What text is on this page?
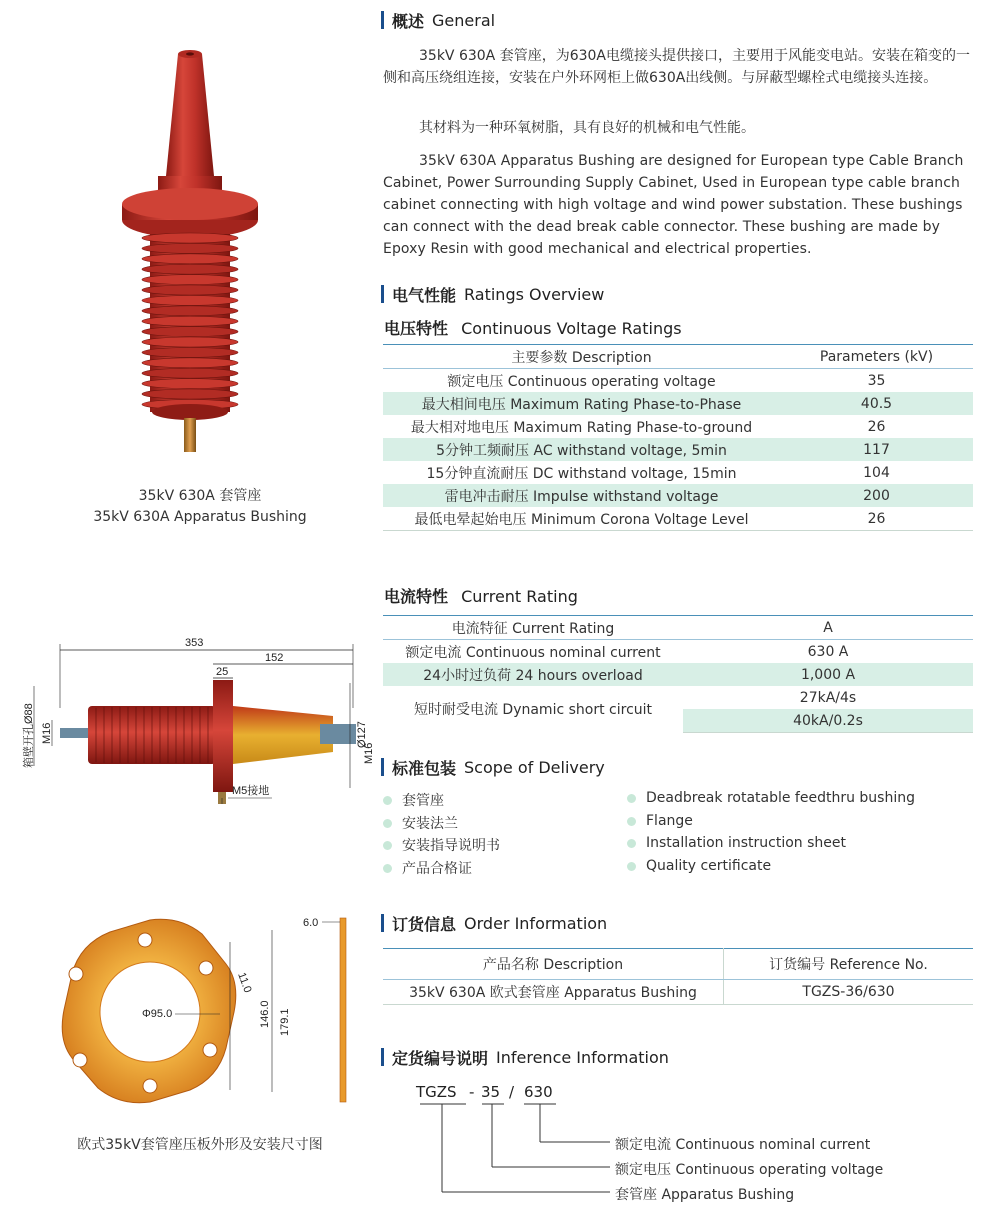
35kV 630A 套管座
35kV 630A Apparatus Bushing
概述 General
35kV 630A 套管座，为630A电缆接头提供接口，主要用于风能变电站。安装在箱变的一侧和高压绕组连接，安装在户外环网柜上做630A出线侧。与屏蔽型螺栓式电缆接头连接。
其材料为一种环氧树脂，具有良好的机械和电气性能。
35kV 630A Apparatus Bushing are designed for European type Cable Branch Cabinet, Power Surrounding Supply Cabinet, Used in European type cable branch cabinet connecting with high voltage and wind power substation. These bushings can connect with the dead break cable connector. These bushing are made by Epoxy Resin with good mechanical and electrical properties.
电气性能 Ratings Overview
电压特性 Continuous Voltage Ratings
主要参数 Description	Parameters (kV)
额定电压 Continuous operating voltage	35
最大相间电压 Maximum Rating Phase-to-Phase	40.5
最大相对地电压 Maximum Rating Phase-to-ground	26
5分钟工频耐压 AC withstand voltage, 5min	117
15分钟直流耐压 DC withstand voltage, 15min	104
雷电冲击耐压 Impulse withstand voltage	200
最低电晕起始电压 Minimum Corona Voltage Level	26
电流特性 Current Rating
电流特征 Current Rating	A
额定电流 Continuous nominal current	630 A
24小时过负荷 24 hours overload	1,000 A
短时耐受电流 Dynamic short circuit	27kA/4s
	40kA/0.2s
353
152
25
箱壁开孔Ø88 M16
M16
Ø127
M5接地
标准包装 Scope of Delivery
套管座
安装法兰
安装指导说明书
产品合格证
Deadbreak rotatable feedthru bushing
Flange
Installation instruction sheet
Quality certificate
Φ95.0	146.0 179.1
11.0
6.0
欧式35kV套管座压板外形及安装尺寸图
订货信息 Order Information
产品名称 Description	订货编号 Reference No.
35kV 630A 欧式套管座 Apparatus Bushing	TGZS-36/630
定货编号说明 Inference Information
TGZS - 35 / 630
额定电流 Continuous nominal current
额定电压 Continuous operating voltage
套管座 Apparatus Bushing
